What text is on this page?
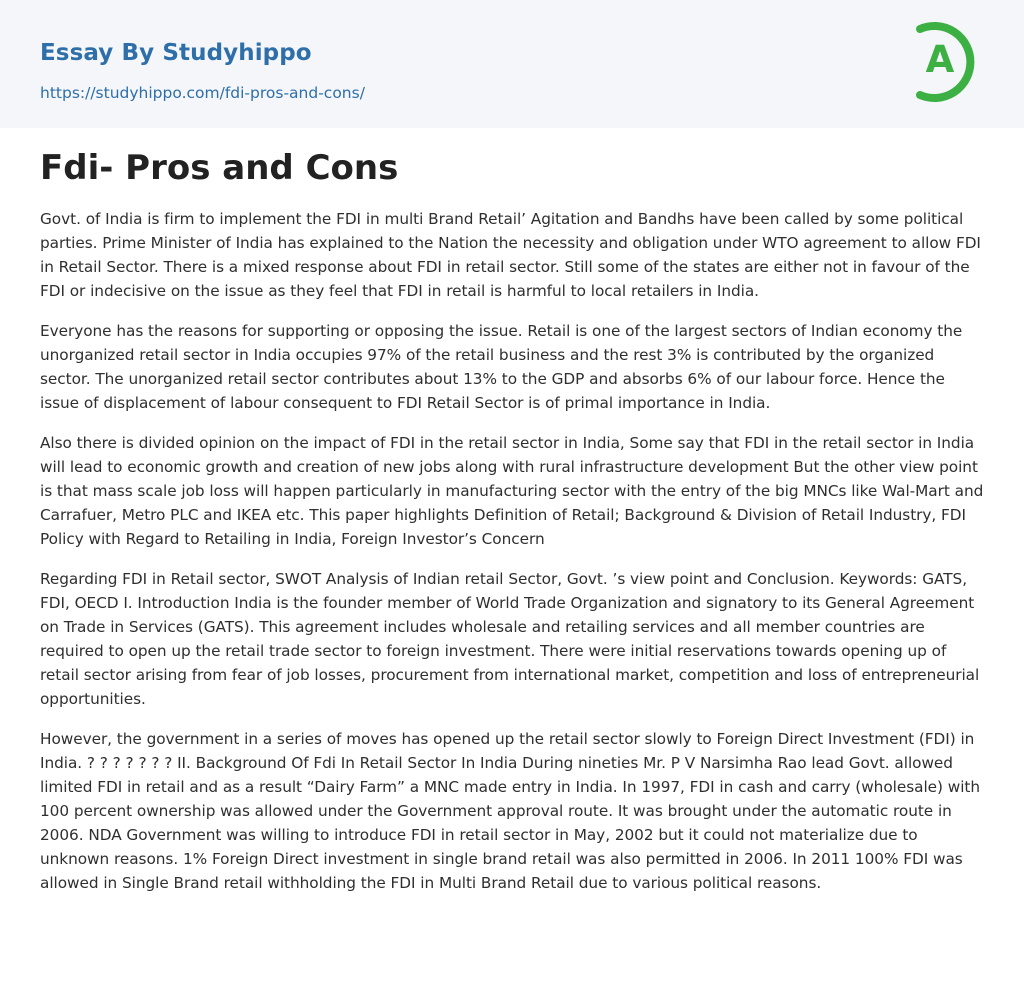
Essay By Studyhippo
https://studyhippo.com/fdi-pros-and-cons/
A
Fdi- Pros and Cons

Govt. of India is firm to implement the FDI in multi Brand Retail’ Agitation and Bandhs have been called by some political parties. Prime Minister of India has explained to the Nation the necessity and obligation under WTO agreement to allow FDI in Retail Sector. There is a mixed response about FDI in retail sector. Still some of the states are either not in favour of the FDI or indecisive on the issue as they feel that FDI in retail is harmful to local retailers in India.

Everyone has the reasons for supporting or opposing the issue. Retail is one of the largest sectors of Indian economy the unorganized retail sector in India occupies 97% of the retail business and the rest 3% is contributed by the organized sector. The unorganized retail sector contributes about 13% to the GDP and absorbs 6% of our labour force. Hence the issue of displacement of labour consequent to FDI Retail Sector is of primal importance in India.

Also there is divided opinion on the impact of FDI in the retail sector in India, Some say that FDI in the retail sector in India will lead to economic growth and creation of new jobs along with rural infrastructure development But the other view point is that mass scale job loss will happen particularly in manufacturing sector with the entry of the big MNCs like Wal-Mart and Carrafuer, Metro PLC and IKEA etc. This paper highlights Definition of Retail; Background & Division of Retail Industry, FDI Policy with Regard to Retailing in India, Foreign Investor’s Concern

Regarding FDI in Retail sector, SWOT Analysis of Indian retail Sector, Govt. ’s view point and Conclusion. Keywords: GATS, FDI, OECD I. Introduction India is the founder member of World Trade Organization and signatory to its General Agreement on Trade in Services (GATS). This agreement includes wholesale and retailing services and all member countries are required to open up the retail trade sector to foreign investment. There were initial reservations towards opening up of retail sector arising from fear of job losses, procurement from international market, competition and loss of entrepreneurial opportunities.

However, the government in a series of moves has opened up the retail sector slowly to Foreign Direct Investment (FDI) in India. ? ? ? ? ? ? ? II. Background Of Fdi In Retail Sector In India During nineties Mr. P V Narsimha Rao lead Govt. allowed limited FDI in retail and as a result “Dairy Farm” a MNC made entry in India. In 1997, FDI in cash and carry (wholesale) with 100 percent ownership was allowed under the Government approval route. It was brought under the automatic route in 2006. NDA Government was willing to introduce FDI in retail sector in May, 2002 but it could not materialize due to unknown reasons. 1% Foreign Direct investment in single brand retail was also permitted in 2006. In 2011 100% FDI was allowed in Single Brand retail withholding the FDI in Multi Brand Retail due to various political reasons.
